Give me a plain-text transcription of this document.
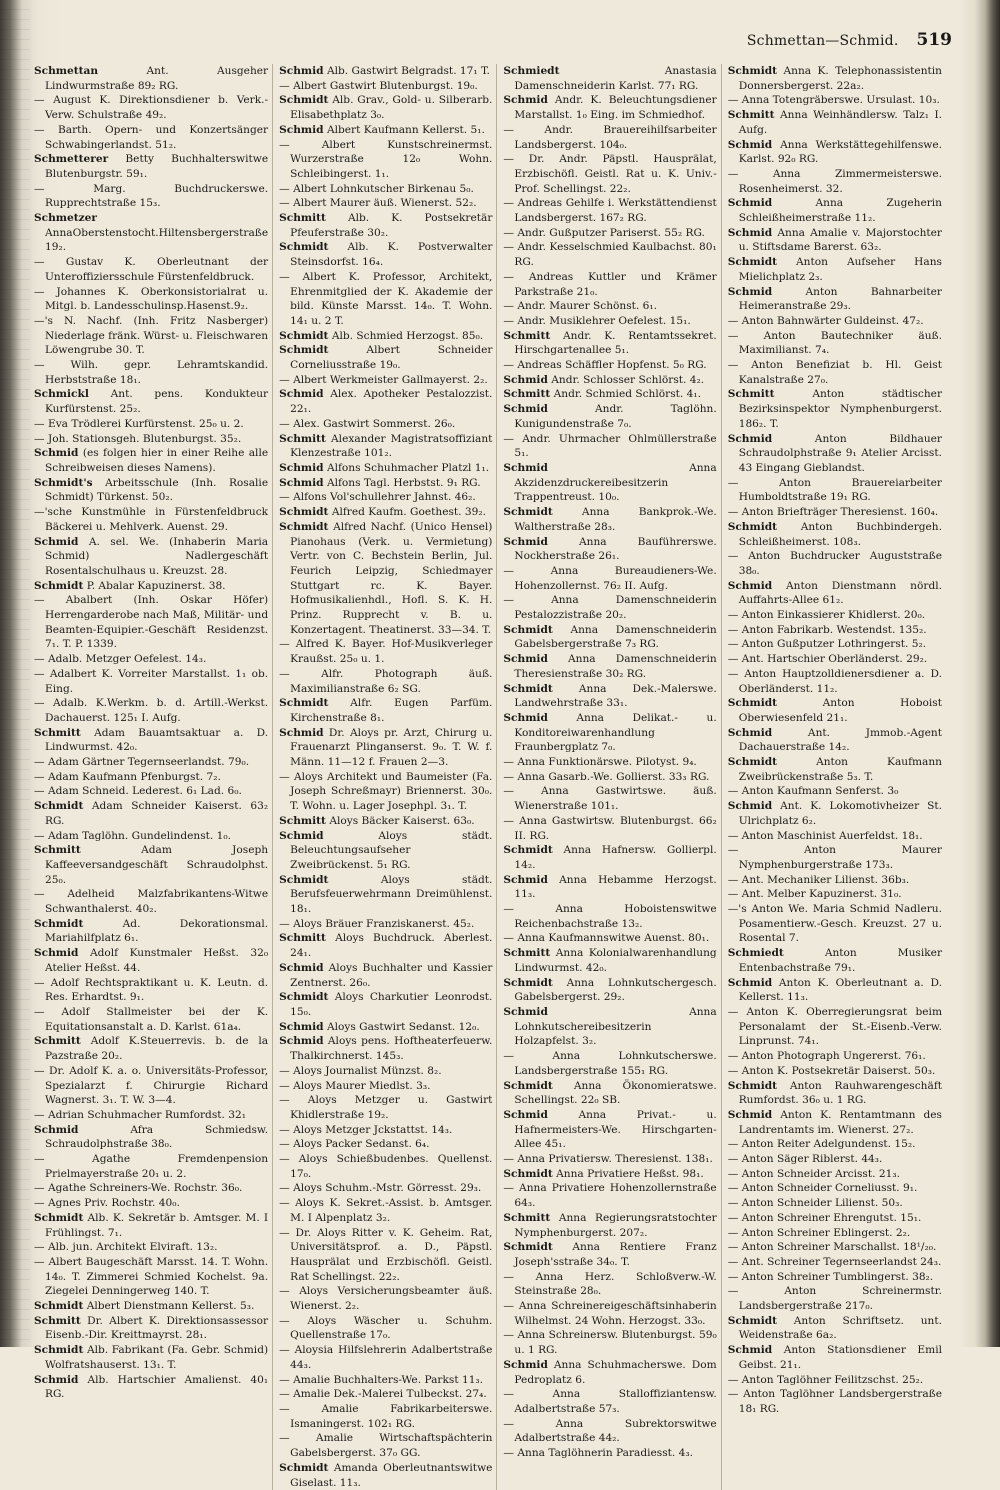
Schmettan—Schmid. 519

Schmettan	Ant. Ausgeher Lindwurmstraße 89₂ RG.

— August K. Direktionsdiener b. Verk.-Verw. Schulstraße 49₂.

— Barth. Opern- und Konzertsänger Schwabingerlandst. 51₂.

Schmetterer Betty Buchhalterswitwe Blutenburgstr. 59₁.

— Marg. Buchdruckerswe. Rupprechtstraße 15₃.

Schmetzer AnnaOberstenstocht.Hiltensbergerstraße 19₂.

— Gustav K. Oberleutnant der Unteroffiziersschule Fürstenfeldbruck.

— Johannes K. Oberkonsistorialrat u. Mitgl. b. Landesschulinsp.Hasenst.9₂.

—'s N. Nachf. (Inh. Fritz Nasberger) Niederlage fränk. Würst- u. Fleischwaren Löwengrube 30. T.

— Wilh. gepr. Lehramtskandid. Herbststraße 18₁.

Schmickl Ant. pens. Kondukteur Kurfürstenst. 25₂.

— Eva Trödlerei Kurfürstenst. 25₀ u. 2.

— Joh. Stationsgeh. Blutenburgst. 35₂.

Schmid (es folgen hier in einer Reihe alle Schreibweisen dieses Namens).

Schmidt's Arbeitsschule (Inh. Rosalie Schmidt) Türkenst. 50₂.

—'sche Kunstmühle in Fürstenfeldbruck Bäckerei u. Mehlverk. Auenst. 29.

Schmid A. sel. We. (Inhaberin Maria Schmid) Nadlergeschäft Rosentalschulhaus u. Kreuzst. 28.

Schmidt P. Abalar Kapuzinerst. 38.

— Abalbert (Inh. Oskar Höfer) Herrengarderobe nach Maß, Militär- und Beamten-Equipier.-Geschäft Residenzst. 7₁. T. P. 1339.

— Adalb. Metzger Oefelest. 14₃.

— Adalbert K. Vorreiter Marstallst. 1₁ ob. Eing.

— Adalb. K.Werkm. b. d. Artill.-Werkst. Dachauerst. 125₁ I. Aufg.

Schmitt Adam Bauamtsaktuar a. D. Lindwurmst. 42₀.

— Adam Gärtner Tegernseerlandst. 79₀.

— Adam Kaufmann Pfenburgst. 7₂.

— Adam Schneid. Lederest. 6₁ Lad. 6₀.

Schmidt Adam Schneider Kaiserst. 63₂ RG.

— Adam Taglöhn. Gundelindenst. 1₀.

Schmitt	Adam Joseph Kaffeeversandgeschäft Schraudolphst. 25₀.

— Adelheid Malzfabrikantens-Witwe Schwanthalerst. 40₂.

Schmidt	Ad. Dekorationsmal. Mariahilfplatz 6₁.

Schmid Adolf Kunstmaler Heßst. 32₀ Atelier Heßst. 44.

— Adolf Rechtspraktikant u. K. Leutn. d. Res. Erhardtst. 9₁.

— Adolf Stallmeister bei der K. Equitationsanstalt a. D. Karlst. 61a₄.

Schmitt Adolf K.Steuerrevis. b. de la Pazstraße 20₂.

— Dr. Adolf K. a. o. Universitäts-Professor, Spezialarzt f. Chirurgie Richard Wagnerst. 3₁. T. W. 3—4.

— Adrian Schuhmacher Rumfordst. 32₁

Schmid	Afra Schmiedsw. Schraudolphstraße 38₀.

— Agathe Fremdenpension Prielmayerstraße 20₁ u. 2.

— Agathe Schreiners-We. Rochstr. 36₀.

— Agnes Priv. Rochstr. 40₀.

Schmidt Alb. K. Sekretär b. Amtsger. M. I Frühlingst. 7₁.

— Alb. jun. Architekt Elviraft. 13₂.

— Albert Baugeschäft Marsst. 14. T. Wohn. 14₀. T. Zimmerei Schmied Kochelst. 9a. Ziegelei Denningerweg 140. T.

Schmidt Albert Dienstmann Kellerst. 5₃.

Schmitt Dr. Albert K. Direktionsassessor Eisenb.-Dir. Kreittmayrst. 28₁.

Schmidt Alb. Fabrikant (Fa. Gebr. Schmid) Wolfratshauserst. 13₁. T.

Schmid Alb. Hartschier Amalienst. 40₁ RG.

Schmid Alb. Gastwirt Belgradst. 17₁ T.

— Albert Gastwirt Blutenburgst. 19₀.

Schmidt Alb. Grav., Gold- u. Silberarb. Elisabethplatz 3₀.

Schmid Albert Kaufmann Kellerst. 5₁.

— Albert Kunstschreinermst. Wurzerstraße 12₀ Wohn. Schleibingerst. 1₁.

— Albert Lohnkutscher Birkenau 5₀.

— Albert Maurer äuß. Wienerst. 52₂.

Schmitt Alb. K. Postsekretär Pfeuferstraße 30₂.

Schmidt Alb. K. Postverwalter Steinsdorfst. 16₄.

— Albert K. Professor, Architekt, Ehrenmitglied der K. Akademie der bild. Künste Marsst. 14₀. T. Wohn. 14₁ u. 2 T.

Schmidt Alb. Schmied Herzogst. 85₀.

Schmidt	Albert Schneider Corneliusstraße 19₀.

— Albert Werkmeister Gallmayerst. 2₂.

Schmid Alex. Apotheker Pestalozzist. 22₁.

— Alex. Gastwirt Sommerst. 26₀.

Schmitt Alexander Magistratsoffiziant Klenzestraße 101₂.

Schmid Alfons Schuhmacher Platzl 1₁.

Schmid Alfons Tagl. Herbstst. 9₁ RG.

— Alfons Vol'schullehrer Jahnst. 46₂.

Schmidt Alfred Kaufm. Goethest. 39₂.

Schmidt Alfred Nachf. (Unico Hensel) Pianohaus (Verk. u. Vermietung) Vertr. von C. Bechstein Berlin, Jul. Feurich Leipzig, Schiedmayer Stuttgart rc. K. Bayer. Hofmusikalienhdl., Hofl. S. K. H. Prinz. Rupprecht v. B. u. Konzertagent. Theatinerst. 33—34. T.

— Alfred K. Bayer. Hof-Musikverleger Kraußst. 25₀ u. 1.

— Alfr. Photograph äuß. Maximilianstraße 6₂ SG.

Schmidt Alfr. Eugen Parfüm. Kirchenstraße 8₁.

Schmid Dr. Aloys pr. Arzt, Chirurg u. Frauenarzt Plinganserst. 9₀. T. W. f. Männ. 11—12 f. Frauen 2—3.

— Aloys Architekt und Baumeister (Fa. Joseph Schreßmayr) Briennerst. 30₀. T. Wohn. u. Lager Josephpl. 3₁. T.

Schmitt Aloys Bäcker Kaiserst. 63₀.

Schmid	Aloys städt. Beleuchtungsaufseher Zweibrückenst. 5₁ RG.

Schmidt	Aloys städt. Berufsfeuerwehrmann Dreimühlenst. 18₁.

— Aloys Bräuer Franziskanerst. 45₂.

Schmitt Aloys Buchdruck. Aberlest. 24₁.

Schmid Aloys Buchhalter und Kassier Zentnerst. 26₀.

Schmidt Aloys Charkutier Leonrodst. 15₀.

Schmid Aloys Gastwirt Sedanst. 12₀.

Schmid Aloys pens. Hoftheaterfeuerw. Thalkirchnerst. 145₃.

— Aloys Journalist Münzst. 8₂.

— Aloys Maurer Miedlst. 3₃.

— Aloys Metzger u. Gastwirt Khidlerstraße 19₂.

— Aloys Metzger Jckstattst. 14₃.

— Aloys Packer Sedanst. 6₄.

— Aloys Schießbudenbes. Quellenst. 17₀.

— Aloys Schuhm.-Mstr. Görresst. 29₃.

— Aloys K. Sekret.-Assist. b. Amtsger. M. I Alpenplatz 3₂.

— Dr. Aloys Ritter v. K. Geheim. Rat, Universitätsprof. a. D., Päpstl. Hausprälat und Erzbischöfl. Geistl. Rat Schellingst. 22₂.

— Aloys Versicherungsbeamter äuß. Wienerst. 2₂.

— Aloys Wäscher u. Schuhm. Quellenstraße 17₀.

— Aloysia Hilfslehrerin Adalbertstraße 44₃.

— Amalie Buchhalters-We. Parkst 11₃.

— Amalie Dek.-Malerei Tulbeckst. 27₄.

— Amalie Fabrikarbeiterswe. Ismaningerst. 102₁ RG.

— Amalie Wirtschaftspächterin Gabelsbergerst. 37₀ GG.

Schmidt Amanda Oberleutnantswitwe Giselast. 11₃.

Schmiedt	Anastasia Damenschneiderin Karlst. 77₁ RG.

Schmid Andr. K. Beleuchtungsdiener Marstallst. 1₀ Eing. im Schmiedhof.

— Andr. Brauereihilfsarbeiter Landsbergerst. 104₀.

— Dr. Andr. Päpstl. Hausprälat, Erzbischöfl. Geistl. Rat u. K. Univ.-Prof. Schellingst. 22₂.

— Andreas Gehilfe i. Werkstättendienst Landsbergerst. 167₂ RG.

— Andr. Gußputzer Pariserst. 55₂ RG.

— Andr. Kesselschmied Kaulbachst. 80₁ RG.

— Andreas Kuttler und Krämer Parkstraße 21₀.

— Andr. Maurer Schönst. 6₁.

— Andr. Musiklehrer Oefelest. 15₁.

Schmitt Andr. K. Rentamtssekret. Hirschgartenallee 5₁.

— Andreas Schäffler Hopfenst. 5₀ RG.

Schmid Andr. Schlosser Schlörst. 4₂.

Schmitt Andr. Schmied Schlörst. 4₁.

Schmid	Andr. Taglöhn. Kunigundenstraße 7₀.

— Andr. Uhrmacher Ohlmüllerstraße 5₁.

Schmid	Anna Akzidenzdruckereibesitzerin Trappentreust. 10₀.

Schmidt	Anna Bankprok.-We. Waltherstraße 28₃.

Schmid	Anna Bauführerswe. Nockherstraße 26₁.

— Anna Bureaudieners-We. Hohenzollernst. 76₂ II. Aufg.

— Anna Damenschneiderin Pestalozzistraße 20₂.

Schmidt Anna Damenschneiderin Gabelsbergerstraße 7₃ RG.

Schmid Anna Damenschneiderin Theresienstraße 30₂ RG.

Schmidt Anna Dek.-Malerswe. Landwehrstraße 33₁.

Schmid	Anna Delikat.- u. Konditoreiwarenhandlung Fraunbergplatz 7₀.

— Anna Funktionärswe. Pilotyst. 9₄.

— Anna Gasarb.-We. Gollierst. 33₃ RG.

— Anna Gastwirtswe. äuß. Wienerstraße 101₁.

— Anna Gastwirtsw. Blutenburgst. 66₂ II. RG.

Schmidt Anna Hafnersw. Gollierpl. 14₂.

Schmid Anna Hebamme Herzogst. 11₃.

— Anna Hoboistenswitwe Reichenbachstraße 13₂.

— Anna Kaufmannswitwe Auenst. 80₁.

Schmitt Anna Kolonialwarenhandlung Lindwurmst. 42₀.

Schmidt Anna Lohnkutschergesch. Gabelsbergerst. 29₂.

Schmid	Anna Lohnkutschereibesitzerin Holzapfelst. 3₂.

— Anna Lohnkutscherswe. Landsbergerstraße 155₁ RG.

Schmidt Anna Ökonomieratswe. Schellingst. 22₀ SB.

Schmid	Anna Privat.- u. Hafnermeisters-We. Hirschgarten-Allee 45₁.

— Anna Privatiersw. Theresienst. 138₁.

Schmidt Anna Privatiere Heßst. 98₁.

— Anna Privatiere Hohenzollernstraße 64₃.

Schmitt Anna Regierungsratstochter Nymphenburgerst. 207₂.

Schmidt Anna Rentiere Franz Joseph'sstraße 34₀. T.

— Anna Herz. Schloßverw.-W. Steinstraße 28₀.

— Anna Schreinereigeschäftsinhaberin Wilhelmst. 24 Wohn. Herzogst. 33₀.

— Anna Schreinersw. Blutenburgst. 59₀ u. 1 RG.

Schmid Anna Schuhmacherswe. Dom Pedroplatz 6.

— Anna Stalloffiziantensw. Adalbertstraße 57₃.

— Anna Subrektorswitwe Adalbertstraße 44₂.

— Anna Taglöhnerin Paradiesst. 4₃.

Schmidt Anna K. Telephonassistentin Donnersbergerst. 22a₂.

— Anna Totengräberswe. Ursulast. 10₃.

Schmitt Anna Weinhändlersw. Talz₁ I. Aufg.

Schmid Anna Werkstättegehilfenswe. Karlst. 92₀ RG.

— Anna Zimmermeisterswe. Rosenheimerst. 32.

Schmid	Anna Zugeherin Schleißheimerstraße 11₂.

Schmid Anna Amalie v. Majorstochter u. Stiftsdame Barerst. 63₂.

Schmidt Anton Aufseher Hans Mielichplatz 2₃.

Schmid	Anton Bahnarbeiter Heimeranstraße 29₃.

— Anton Bahnwärter Guldeinst. 47₂.

— Anton Bautechniker äuß. Maximilianst. 7₄.

— Anton Benefiziat b. Hl. Geist Kanalstraße 27₀.

Schmitt	Anton städtischer Bezirksinspektor Nymphenburgerst. 186₂. T.

Schmid	Anton Bildhauer Schraudolphstraße 9₁ Atelier Arcisst. 43 Eingang Gieblandst.

— Anton Brauereiarbeiter Humboldtstraße 19₁ RG.

— Anton Briefträger Theresienst. 160₄.

Schmidt Anton Buchbindergeh. Schleißheimerst. 108₃.

— Anton Buchdrucker Auguststraße 38₀.

Schmid Anton Dienstmann nördl. Auffahrts-Allee 61₂.

— Anton Einkassierer Khidlerst. 20₀.

— Anton Fabrikarb. Westendst. 135₂.

— Anton Gußputzer Lothringerst. 5₂.

— Ant. Hartschier Oberländerst. 29₂.

— Anton Hauptzolldienersdiener a. D. Oberländerst. 11₂.

Schmidt	Anton Hoboist Oberwiesenfeld 21₁.

Schmid	Ant. Jmmob.-Agent Dachauerstraße 14₂.

Schmidt	Anton Kaufmann Zweibrückenstraße 5₃. T.

— Anton Kaufmann Senferst. 3₀

Schmid Ant. K. Lokomotivheizer St. Ulrichplatz 6₂.

— Anton Maschinist Auerfeldst. 18₁.

— Anton Maurer Nymphenburgerstraße 173₃.

— Ant. Mechaniker Lilienst. 36b₃.

— Ant. Melber Kapuzinerst. 31₀.

—'s Anton We. Maria Schmid Nadleru. Posamentierw.-Gesch. Kreuzst. 27 u. Rosental 7.

Schmiedt	Anton Musiker Entenbachstraße 79₁.

Schmid Anton K. Oberleutnant a. D. Kellerst. 11₃.

— Anton K. Oberregierungsrat beim Personalamt der St.-Eisenb.-Verw. Linprunst. 74₁.

— Anton Photograph Ungererst. 76₁.

— Anton K. Postsekretär Daiserst. 50₃.

Schmidt Anton Rauhwarengeschäft Rumfordst. 36₀ u. 1 RG.

Schmid Anton K. Rentamtmann des Landrentamts im. Wienerst. 27₂.

— Anton Reiter Adelgundenst. 15₂.

— Anton Säger Riblerst. 44₃.

— Anton Schneider Arcisst. 21₃.

— Anton Schneider Corneliusst. 9₁.

— Anton Schneider Lilienst. 50₃.

— Anton Schreiner Ehrengutst. 15₁.

— Anton Schreiner Eblingerst. 2₂.

— Anton Schreiner Marschallst. 18¹/₂₀.

— Ant. Schreiner Tegernseerlandst 24₃.

— Anton Schreiner Tumblingerst. 38₂.

— Anton Schreinermstr. Landsbergerstraße 217₀.

Schmidt Anton Schriftsetz. unt. Weidenstraße 6a₂.

Schmid Anton Stationsdiener Emil Geibst. 21₁.

— Anton Taglöhner Feilitzschst. 25₂.

— Anton Taglöhner Landsbergerstraße 18₁ RG.
